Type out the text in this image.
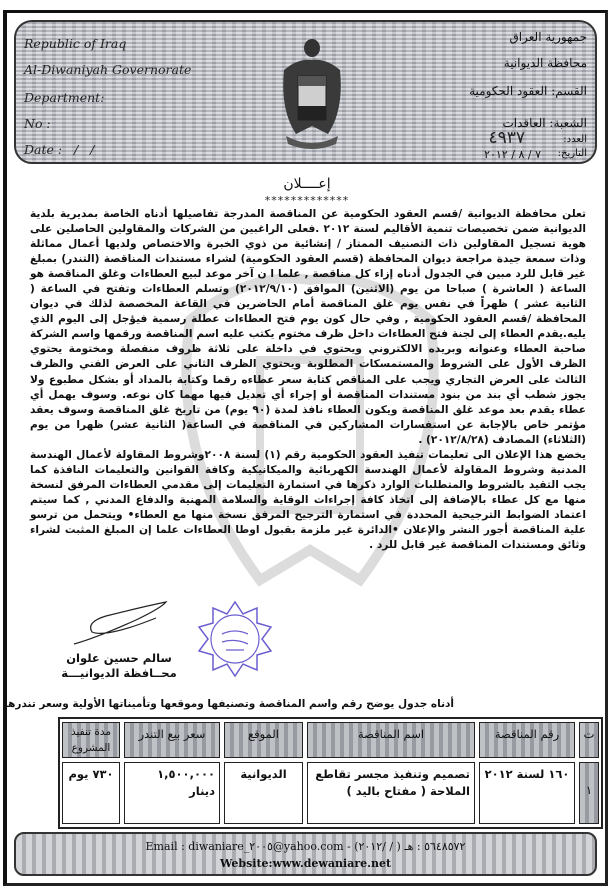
Republic of Iraq
Al-Diwaniyah Governorate
Department:
No :
Date :   /   /
جمهورية العراق
محافظة الديوانية
القسم: العقود الحكومية
الشعبة: العاقدات
العدد:
٤٩٣٧
التاريخ:
٧ / ٨ / ٢٠١٢
إعــــلان
*************

تعلن محافظة الديوانية /قسم العقود الحكومية عن المناقصة المدرجة تفاصيلها أدناه الخاصة بمديرية بلدية الديوانية ضمن تخصيصات تنمية الأقاليم لسنة ٢٠١٢ .فعلى الراغبين من الشركات والمقاولين الحاصلين على هوية تسجيل المقاولين ذات التصنيف الممتاز / إنشائية من ذوي الخبرة والاختصاص ولديها أعمال مماثلة وذات سمعة جيدة مراجعة ديوان المحافظة (قسم العقود الحكومية) لشراء مستندات المناقصة (التندر) بمبلغ غير قابل للرد مبين في الجدول أدناه إزاء كل مناقصة , علما ا ن آخر موعد لبيع العطاءات وغلق المناقصة هو الساعة ( العاشرة ) صباحا من يوم (الاثنين) الموافق (٢٠١٢/٩/١٠) وتسلم العطاءات وتفتح في الساعة ( الثانية عشر ) ظهراً في نفس يوم غلق المناقصة أمام الحاضرين في القاعة المخصصة لذلك في ديوان المحافظة /قسم العقود الحكومية , وفي حال كون يوم فتح العطاءات عطلة رسمية فيؤجل إلى اليوم الذي يليه.يقدم العطاء إلى لجنة فتح العطاءات داخل ظرف مختوم يكتب عليه اسم المناقصة ورقمها واسم الشركة صاحبة العطاء وعنوانه وبريده الالكتروني ويحتوي في داخلة على ثلاثة ظروف منفصلة ومختومة يحتوي الظرف الأول على الشروط والمستمسكات المطلوبة ويحتوي الظرف الثاني على العرض الفني والظرف الثالث على العرض التجاري ويجب على المناقص كتابة سعر عطاءه رقما وكتابة بالمداد أو بشكل مطبوع ولا يجوز شطب أي بند من بنود مستندات المناقصة أو إجراء أي تعديل فيها مهما كان نوعه. وسوف يهمل أي عطاء يقدم بعد موعد غلق المناقصة ويكون العطاء نافذ لمدة (٩٠ يوم) من تاريخ غلق المناقصة وسوف يعقد مؤتمر خاص بالإجابة عن استفسارات المشاركين في المناقصة في الساعة( الثانية عشر) ظهرا من يوم (الثلاثاء) المصادف (٢٠١٢/٨/٢٨) .

يخضع هذا الإعلان الى تعليمات تنفيذ العقود الحكومية رقم (١) لسنة ٢٠٠٨وشروط المقاولة لأعمال الهندسة المدنية وشروط المقاولة لأعمال الهندسة الكهربائية والميكانيكية وكافة القوانين والتعليمات النافذة كما يجب التقيد بالشروط والمتطلبات الوارد ذكرها في استمارة التعليمات إلى مقدمي العطاءات المرفق لنسخة منها مع كل عطاء بالإضافة إلى اتخاذ كافة إجراءات الوقاية والسلامة المهنية والدفاع المدني , كما سيتم اعتماد الضوابط الترجيحية المحددة في استمارة الترجيح المرفق نسخة منها مع العطاء• ويتحمل من ترسو علية المناقصة أجور النشر والإعلان •الدائرة غير ملزمة بقبول اوطا العطاءات علما إن المبلغ المثبت لشراء وثائق ومستندات المناقصة غير قابل للرد .

سالم حسين علوان
محــافظة الديوانيـــة
أدناه جدول يوضح رقم واسم المناقصة وتصنيفها وموقعها وتأميناتها الأولية وسعر تندرها
ت
رقم المناقصة
اسم المناقصة
الموقع
سعر بيع التندر
مدة تنفيذ المشروع
١
١٦٠ لسنة ٢٠١٢
تصميم وتنفيذ مجسر تقاطع الملاحة ( مفتاح باليد )
الديوانية
١,٥٠٠,٠٠٠ دينار
٧٣٠ يوم
Email : diwaniare_٢٠٠٥@yahoo.com - (٢٠١٢/ / ) ٥٦٤٨٥٧٢ : هـ
Website:www.dewaniare.net
